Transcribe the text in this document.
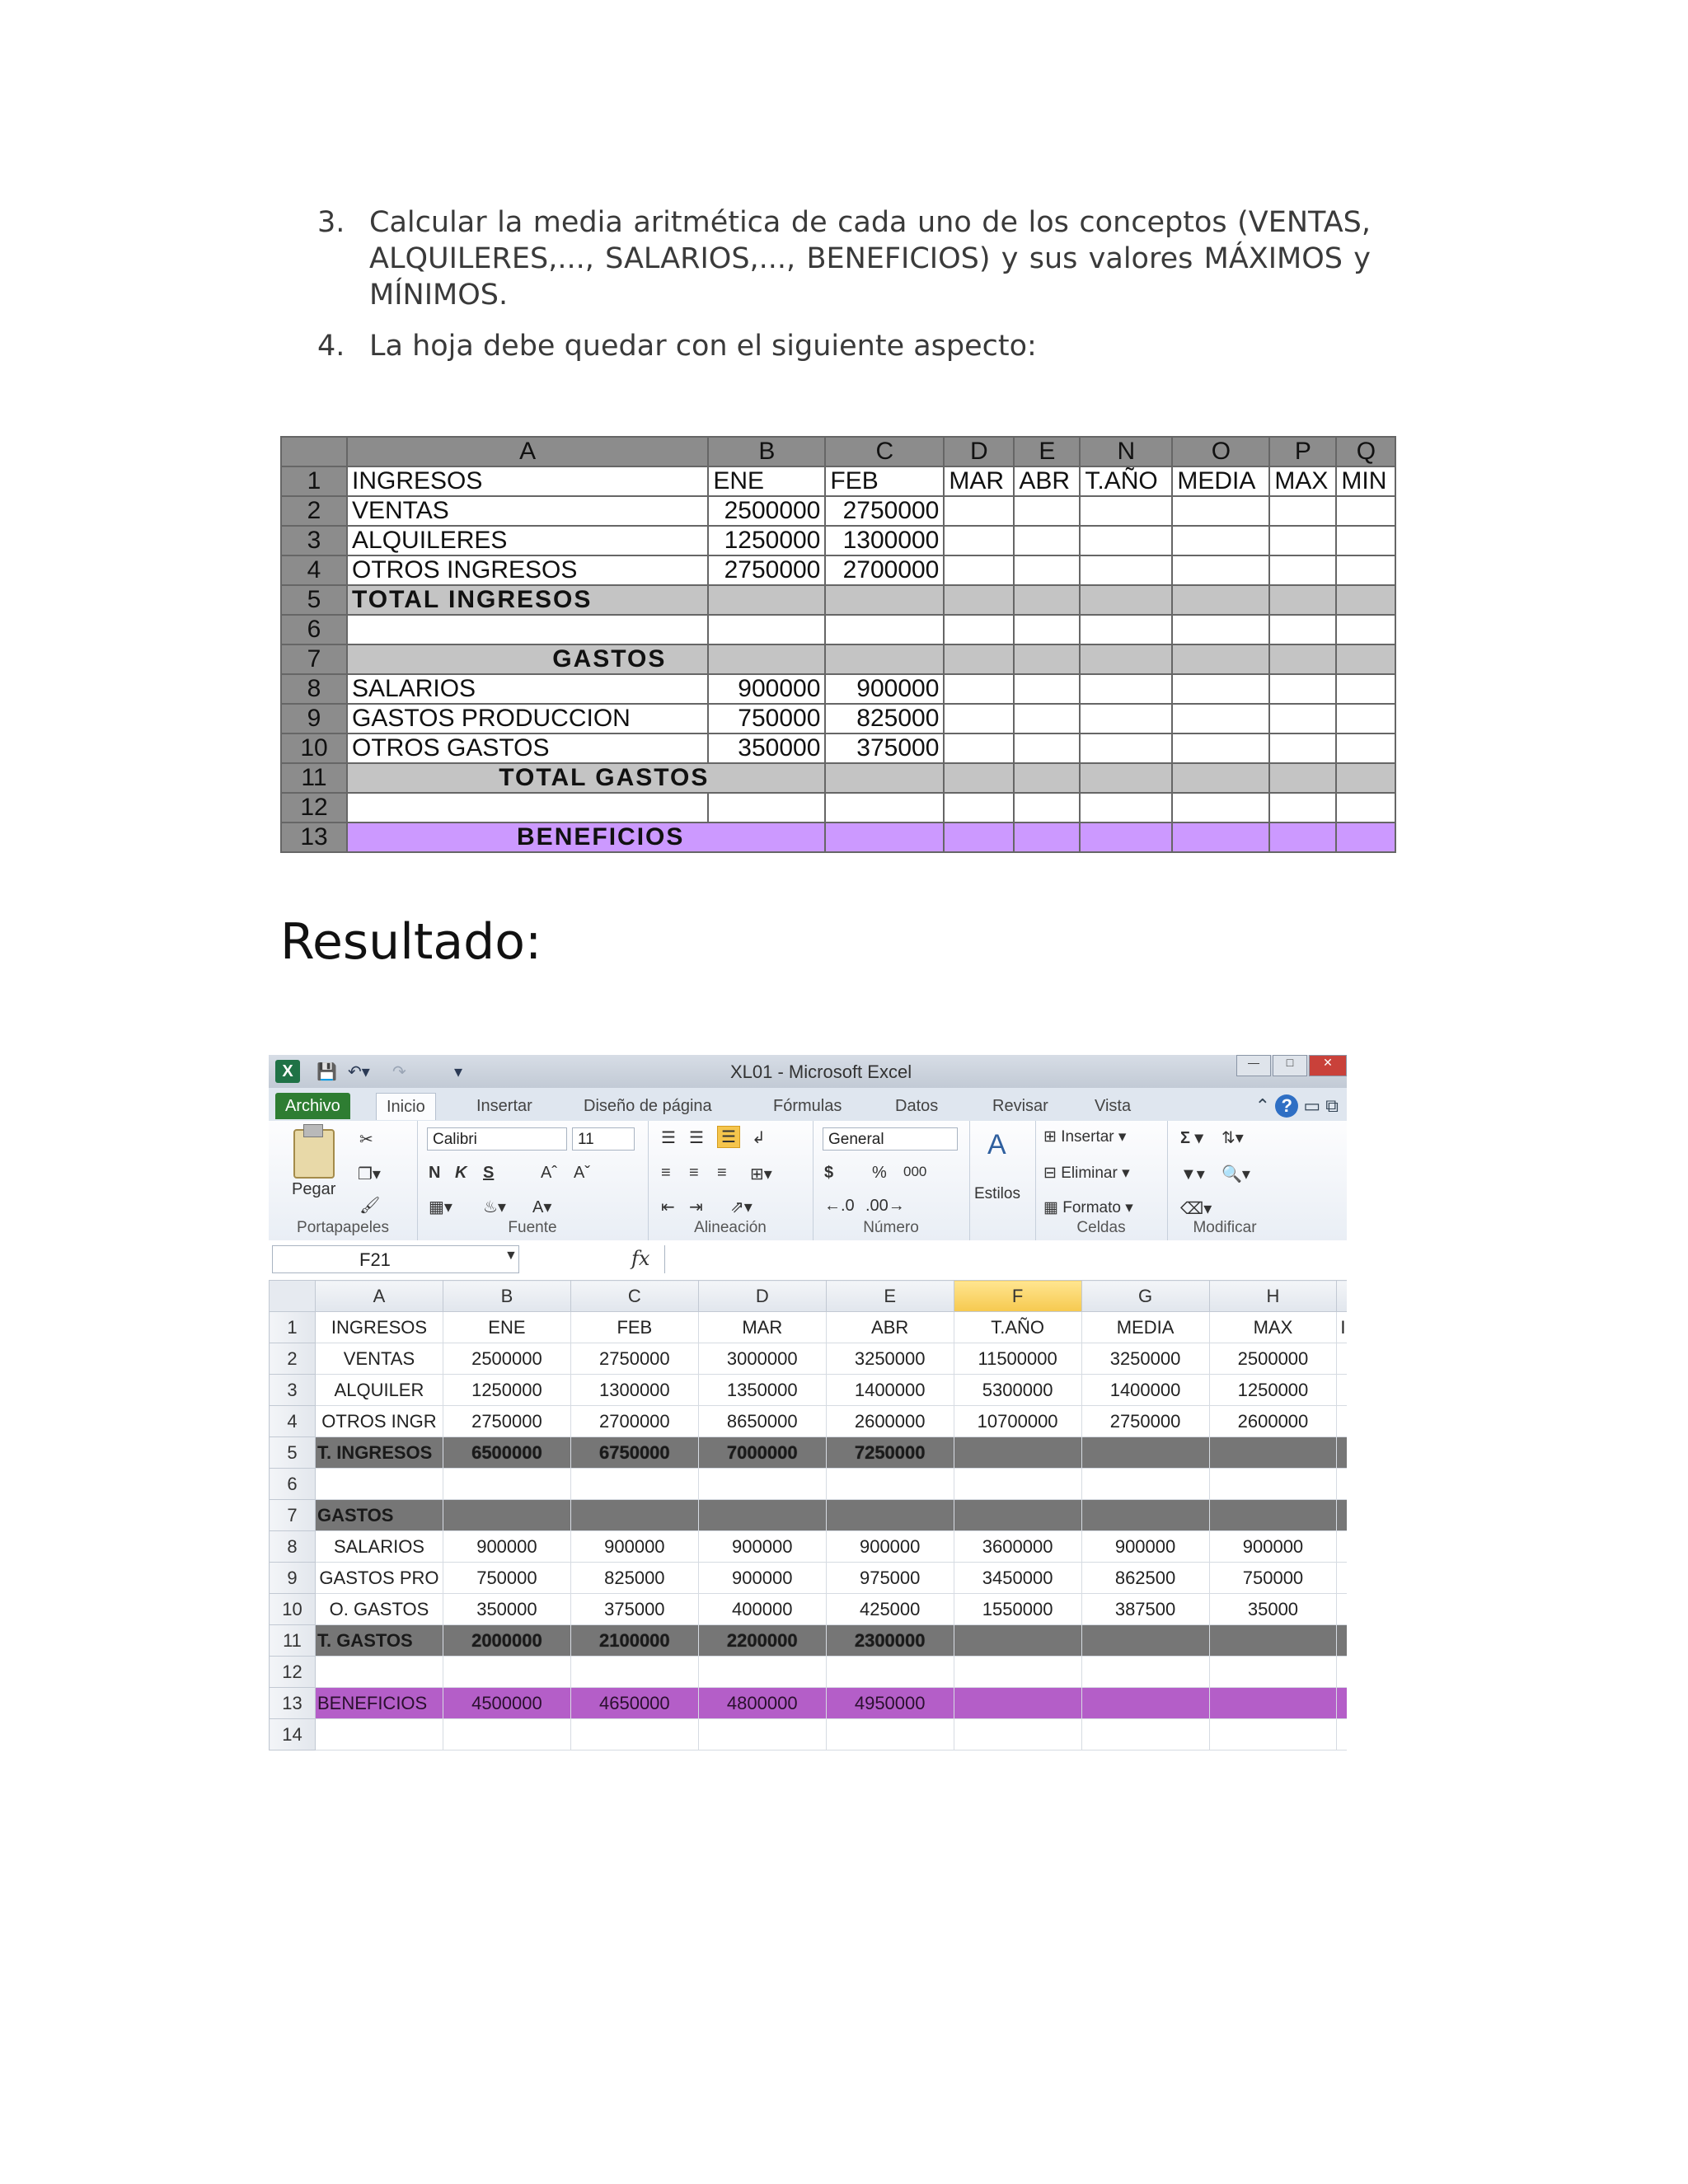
3. Calcular la media aritmética de cada uno de los conceptos (VENTAS, ALQUILERES,..., SALARIOS,..., BENEFICIOS) y sus valores MÁXIMOS y MÍNIMOS.
4. La hoja debe quedar con el siguiente aspecto:
	A	B	C	D	E	N	O	P	Q
1	INGRESOS	ENE	FEB	MAR	ABR	T.AÑO	MEDIA	MAX	MIN
2	VENTAS	2500000	2750000						
3	ALQUILERES	1250000	1300000						
4	OTROS INGRESOS	2750000	2700000						
5	TOTAL INGRESOS								
6									
7	GASTOS								
8	SALARIOS	900000	900000						
9	GASTOS PRODUCCION	750000	825000						
10	OTROS GASTOS	350000	375000						
11	TOTAL GASTOS								
12									
13	BENEFICIOS								
Resultado:
X	💾 ↶▾ ↷	▾	XL01 - Microsoft Excel	—	□	✕
Archivo	Inicio	Insertar	Diseño de página	Fórmulas	Datos	Revisar	Vista	⌃ ? ▭ ⧉
Pegar
✂
❐▾
🖌
Portapapeles
Calibri	11
N K S	Aˆ Aˇ
▦▾ ♨▾ A▾
Fuente
☰ ☰ ☰ ↲
≡ ≡ ≡ ⊞▾
⇤ ⇥ ⇗▾
Alineación
General
$ % 000
←.0 .00→
Número
A
Estilos
⊞ Insertar ▾
⊟ Eliminar ▾
▦ Formato ▾
Celdas
Σ ▾ ⇅▾
▼▾ 🔍▾
⌫▾
Modificar
F21	▼	fx
	A	B	C	D	E	F	G	H	
1	INGRESOS	ENE	FEB	MAR	ABR	T.AÑO	MEDIA	MAX	I
2	VENTAS	2500000	2750000	3000000	3250000	11500000	3250000	2500000	
3	ALQUILER	1250000	1300000	1350000	1400000	5300000	1400000	1250000	
4	OTROS INGR	2750000	2700000	8650000	2600000	10700000	2750000	2600000	
5	T. INGRESOS	6500000	6750000	7000000	7250000				
6									
7	GASTOS								
8	SALARIOS	900000	900000	900000	900000	3600000	900000	900000	
9	GASTOS PRO	750000	825000	900000	975000	3450000	862500	750000	
10	O. GASTOS	350000	375000	400000	425000	1550000	387500	35000	
11	T. GASTOS	2000000	2100000	2200000	2300000				
12									
13	BENEFICIOS	4500000	4650000	4800000	4950000				
14									
